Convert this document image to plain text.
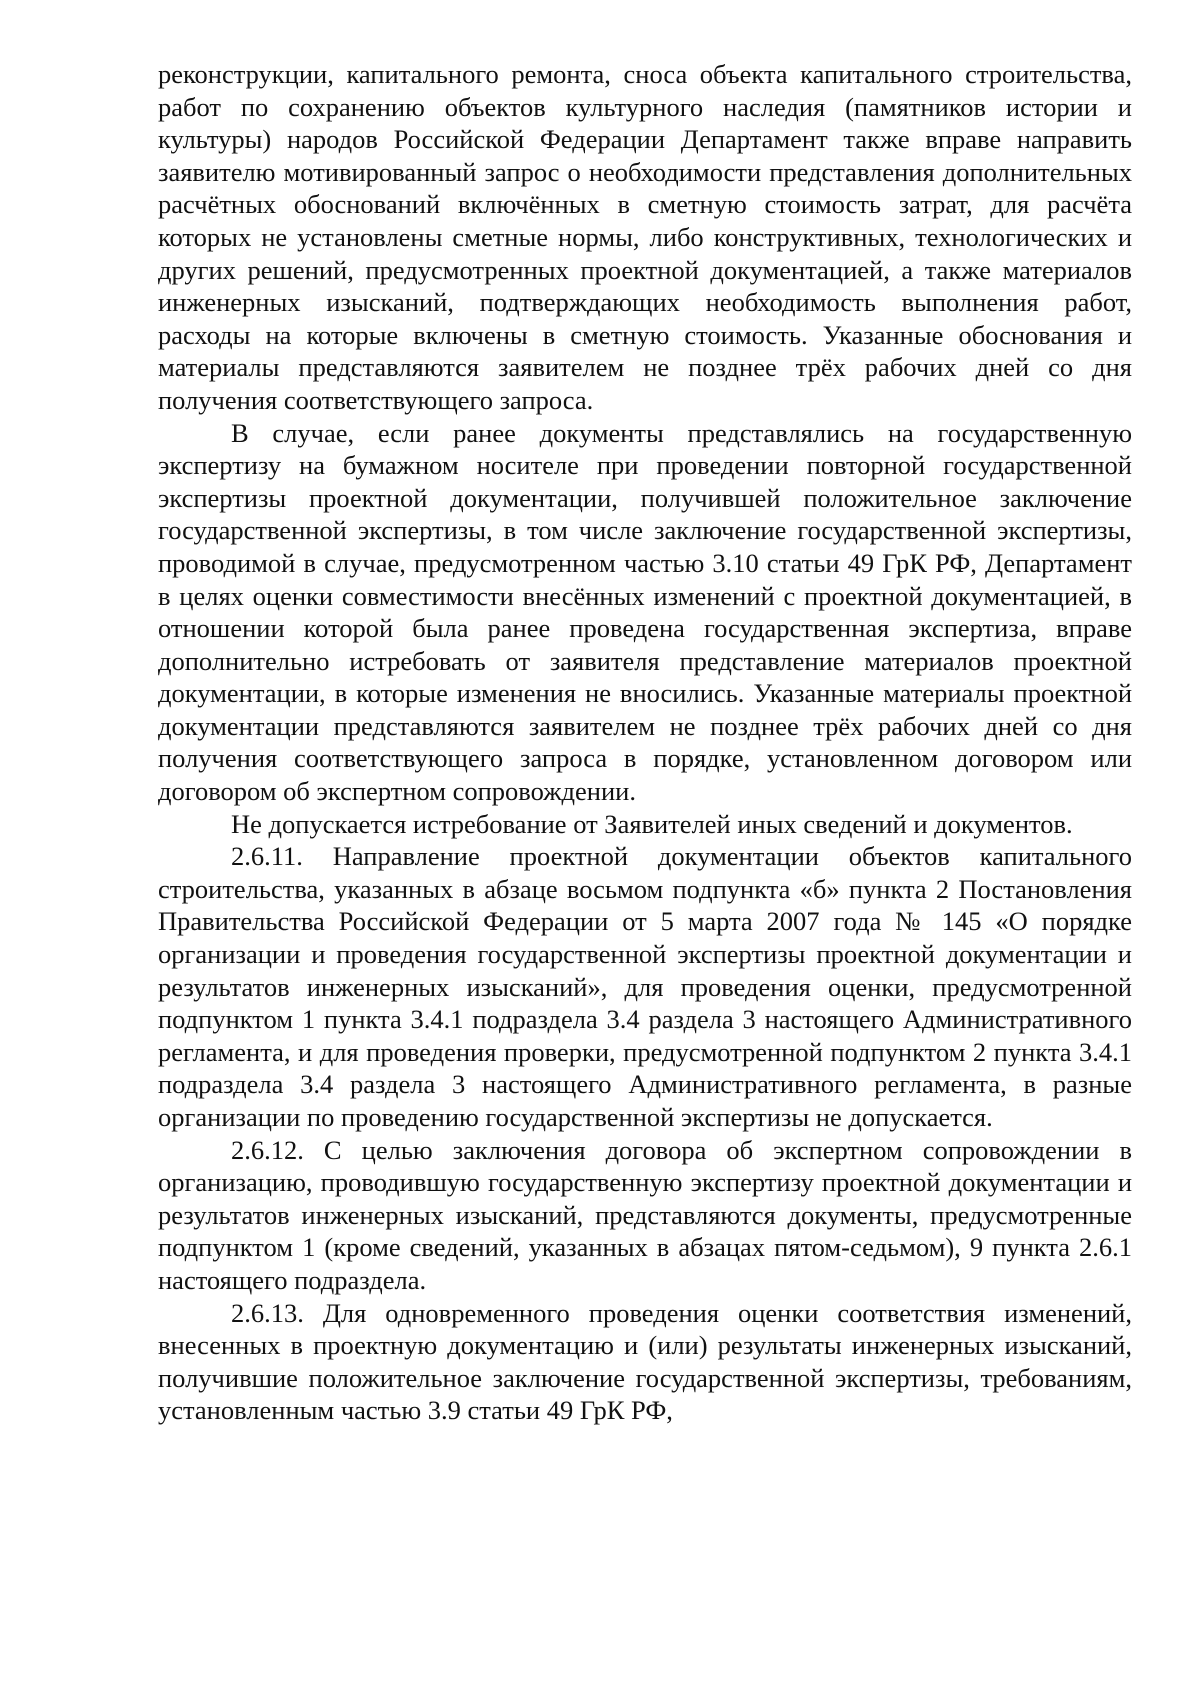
реконструкции, капитального ремонта, сноса объекта капитального строительства, работ по сохранению объектов культурного наследия (памятников истории и культуры) народов Российской Федерации Департамент также вправе направить заявителю мотивированный запрос о необходимости представления дополнительных расчётных обоснований включённых в сметную стоимость затрат, для расчёта которых не установлены сметные нормы, либо конструктивных, технологических и других решений, предусмотренных проектной документацией, а также материалов инженерных изысканий, подтверждающих необходимость выполнения работ, расходы на которые включены в сметную стоимость. Указанные обоснования и материалы представляются заявителем не позднее трёх рабочих дней со дня получения соответствующего запроса.

В случае, если ранее документы представлялись на государственную экспертизу на бумажном носителе при проведении повторной государственной экспертизы проектной документации, получившей положительное заключение государственной экспертизы, в том числе заключение государственной экспертизы, проводимой в случае, предусмотренном частью 3.10 статьи 49 ГрК РФ, Департамент в целях оценки совместимости внесённых изменений с проектной документацией, в отношении которой была ранее проведена государственная экспертиза, вправе дополнительно истребовать от заявителя представление материалов проектной документации, в которые изменения не вносились. Указанные материалы проектной документации представляются заявителем не позднее трёх рабочих дней со дня получения соответствующего запроса в порядке, установленном договором или договором об экспертном сопровождении.

Не допускается истребование от Заявителей иных сведений и документов.

2.6.11. Направление проектной документации объектов капитального строительства, указанных в абзаце восьмом подпункта «б» пункта 2 Постановления Правительства Российской Федерации от 5 марта 2007 года № 145 «О порядке организации и проведения государственной экспертизы проектной документации и результатов инженерных изысканий», для проведения оценки, предусмотренной подпунктом 1 пункта 3.4.1 подраздела 3.4 раздела 3 настоящего Административного регламента, и для проведения проверки, предусмотренной подпунктом 2 пункта 3.4.1 подраздела 3.4 раздела 3 настоящего Административного регламента, в разные организации по проведению государственной экспертизы не допускается.

2.6.12. С целью заключения договора об экспертном сопровождении в организацию, проводившую государственную экспертизу проектной документации и результатов инженерных изысканий, представляются документы, предусмотренные подпунктом 1 (кроме сведений, указанных в абзацах пятом-седьмом), 9 пункта 2.6.1 настоящего подраздела.

2.6.13. Для одновременного проведения оценки соответствия изменений, внесенных в проектную документацию и (или) результаты инженерных изысканий, получившие положительное заключение государственной экспертизы, требованиям, установленным частью 3.9 статьи 49 ГрК РФ,
